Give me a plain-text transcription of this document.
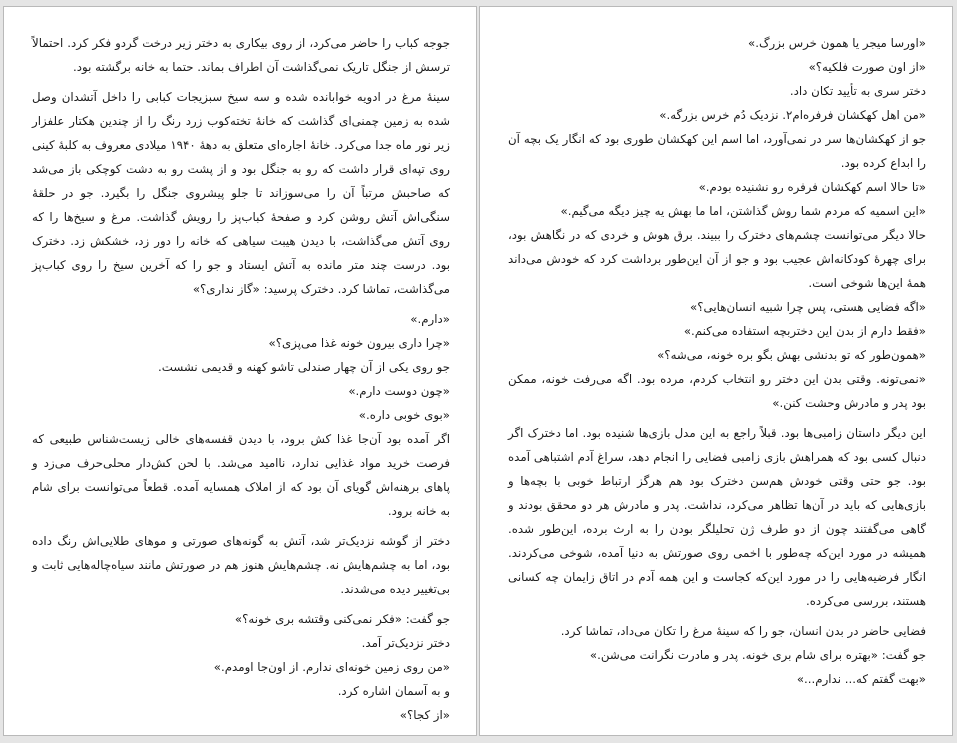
جوجه کباب را حاضر می‌کرد، از روی بیکاری به دختر زیر درخت گردو فکر کرد. احتمالاً ترسش از جنگل تاریک نمی‌گذاشت آن اطراف بماند. حتما به خانه برگشته بود.

سینهٔ مرغ در ادویه خوابانده شده و سه سیخ سبزیجات کبابی را داخل آتشدان وصل شده به زمین چمنی‌ای گذاشت که خانهٔ تخته‌کوب زرد رنگ را از چندین هکتار علفزار زیر نور ماه جدا می‌کرد. خانهٔ اجاره‌ای متعلق به دههٔ ۱۹۴۰ میلادی معروف به کلبهٔ کینی روی تپه‌ای قرار داشت که رو به جنگل بود و از پشت رو به دشت کوچکی باز می‌شد که صاحبش مرتباً آن را می‌سوزاند تا جلو پیشروی جنگل را بگیرد. جو در حلقهٔ سنگی‌اش آتش روشن کرد و صفحهٔ کباب‌پز را رویش گذاشت. مرغ و سیخ‌ها را که روی آتش می‌گذاشت، با دیدن هیبت سیاهی که خانه را دور زد، خشکش زد. دخترک بود. درست چند متر مانده به آتش ایستاد و جو را که آخرین سیخ را روی کباب‌پز می‌گذاشت، تماشا کرد. دخترک پرسید: «گاز نداری؟»

«دارم.»

«چرا داری بیرون خونه غذا می‌پزی؟»

جو روی یکی از آن چهار صندلی تاشو کهنه و قدیمی نشست.

«چون دوست دارم.»

«بوی خوبی داره.»

اگر آمده بود آن‌جا غذا کش برود، با دیدن قفسه‌های خالی زیست‌شناس طبیعی که فرصت خرید مواد غذایی ندارد، ناامید می‌شد. با لحن کش‌دار محلی‌حرف می‌زد و پاهای برهنه‌اش گویای آن بود که از املاک همسایه آمده. قطعاً می‌توانست برای شام به خانه برود.

دختر از گوشه نزدیک‌تر شد، آتش به گونه‌های صورتی و موهای طلایی‌اش رنگ داده بود، اما به چشم‌هایش نه. چشم‌هایش هنوز هم در صورتش مانند سیاه‌چاله‌هایی ثابت و بی‌تغییر دیده می‌شدند.

جو گفت: «فکر نمی‌کنی وقتشه بری خونه؟»

دختر نزدیک‌تر آمد.

«من روی زمین خونه‌ای ندارم. از اون‌جا اومدم.»

و به آسمان اشاره کرد.

«از کجا؟»

«اورسا میجر یا همون خرس بزرگ.»

«از اون صورت فلکیه؟»

دختر سری به تأیید تکان داد.

«من اهل کهکشان فرفره‌ام۲. نزدیک دُم خرس بزرگه.»

جو از کهکشان‌ها سر در نمی‌آورد، اما اسم این کهکشان طوری بود که انگار یک بچه آن را ابداع کرده بود.

«تا حالا اسم کهکشان فرفره رو نشنیده بودم.»

«این اسمیه که مردم شما روش گذاشتن، اما ما بهش یه چیز دیگه می‌گیم.»

حالا دیگر می‌توانست چشم‌های دخترک را ببیند. برق هوش و خردی که در نگاهش بود، برای چهرهٔ کودکانه‌اش عجیب بود و جو از آن این‌طور برداشت کرد که خودش می‌داند همهٔ این‌ها شوخی است.

«اگه فضایی هستی، پس چرا شبیه انسان‌هایی؟»

«فقط دارم از بدن این دختربچه استفاده می‌کنم.»

«همون‌طور که تو بدنشی بهش بگو بره خونه، می‌شه؟»

«نمی‌تونه. وقتی بدن این دختر رو انتخاب کردم، مرده بود. اگه می‌رفت خونه، ممکن بود پدر و مادرش وحشت کنن.»

این دیگر داستان زامبی‌ها بود. قبلاً راجع به این مدل بازی‌ها شنیده بود. اما دخترک اگر دنبال کسی بود که همراهش بازی زامبی فضایی را انجام دهد، سراغ آدم اشتباهی آمده بود. جو حتی وقتی خودش هم‌سن دخترک بود هم هرگز ارتباط خوبی با بچه‌ها و بازی‌هایی که باید در آن‌ها تظاهر می‌کرد، نداشت. پدر و مادرش هر دو محقق بودند و گاهی می‌گفتند چون از دو طرف ژن تحلیلگر بودن را به ارث برده، این‌طور شده. همیشه در مورد این‌که چه‌طور با اخمی روی صورتش به دنیا آمده، شوخی می‌کردند. انگار فرضیه‌هایی را در مورد این‌که کجاست و این همه آدم در اتاق زایمان چه کسانی هستند، بررسی می‌کرده.

فضایی حاضر در بدن انسان، جو را که سینهٔ مرغ را تکان می‌داد، تماشا کرد.

جو گفت: «بهتره برای شام بری خونه. پدر و مادرت نگرانت می‌شن.»

«بهت گفتم که... ندارم...»
